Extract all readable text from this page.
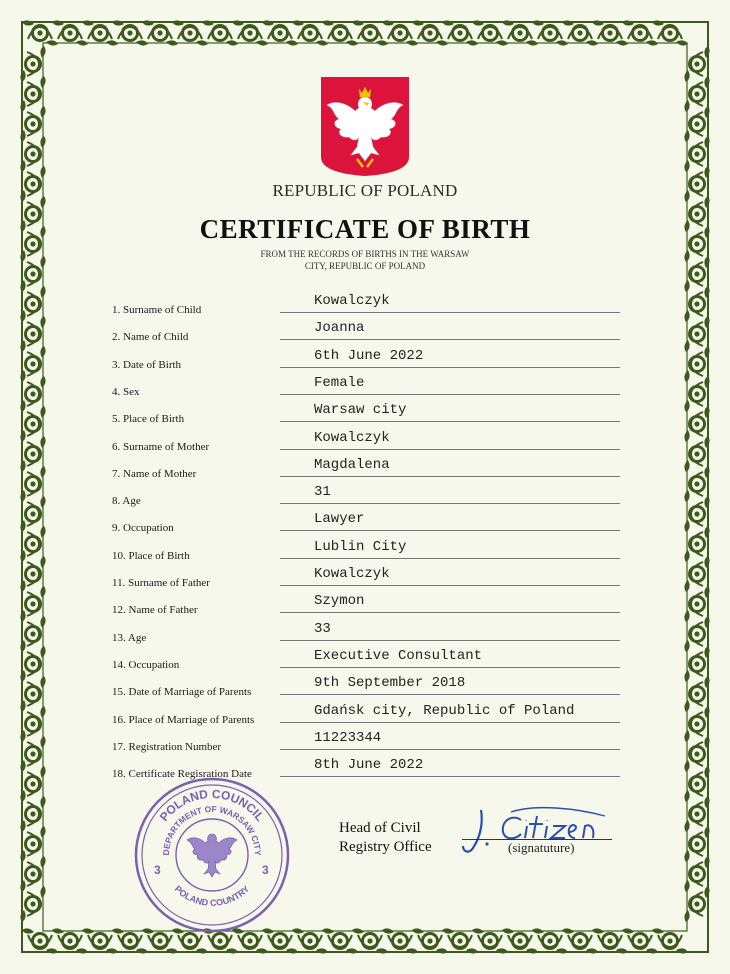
REPUBLIC OF POLAND
CERTIFICATE OF BIRTH
FROM THE RECORDS OF BIRTHS IN THE WARSAW
CITY, REPUBLIC OF POLAND
Kowalczyk
1. Surname of Child
Joanna
2. Name of Child
6th June 2022
3. Date of Birth
Female
4. Sex
Warsaw city
5. Place of Birth
Kowalczyk
6. Surname of Mother
Magdalena
7. Name of Mother
31
8. Age
Lawyer
9. Occupation
Lublin City
10. Place of Birth
Kowalczyk
11. Surname of Father
Szymon
12. Name of Father
33
13. Age
Executive Consultant
14. Occupation
9th September 2018
15. Date of Marriage of Parents
Gdańsk city, Republic of Poland
16. Place of Marriage of Parents
11223344
17. Registration Number
8th June 2022
18. Certificate Regisration Date
POLAND COUNCIL
DEPARTMENT OF WARSAW CITY
POLAND COUNTRY
3	3
Head of Civil
Registry Office	(signatuture)
